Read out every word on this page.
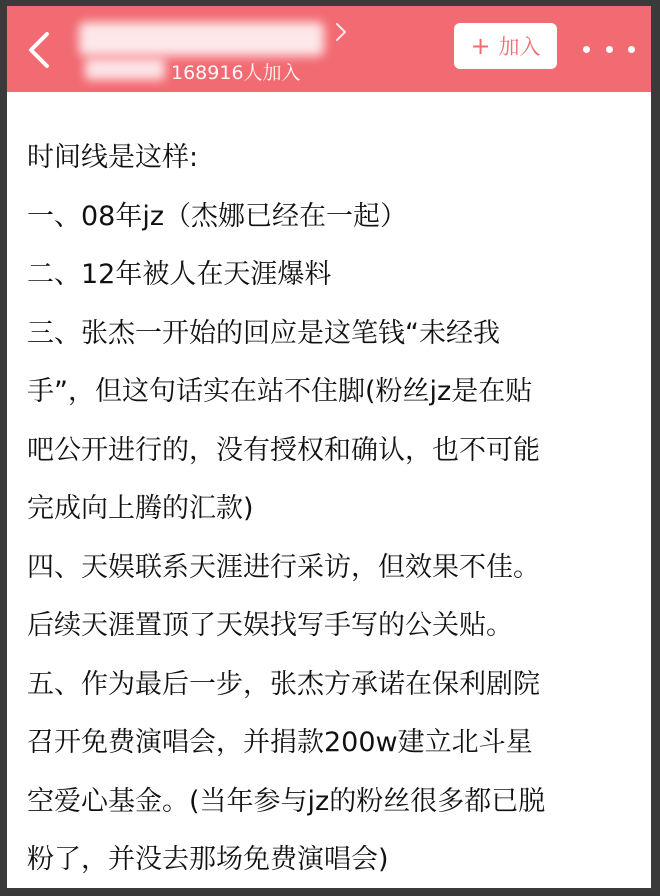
168916人加入
+ 加入
时间线是这样:
一、08年jz（杰娜已经在一起）
二、12年被人在天涯爆料
三、张杰一开始的回应是这笔钱“未经我
手”，但这句话实在站不住脚(粉丝jz是在贴
吧公开进行的，没有授权和确认，也不可能
完成向上腾的汇款)
四、天娱联系天涯进行采访，但效果不佳。
后续天涯置顶了天娱找写手写的公关贴。
五、作为最后一步，张杰方承诺在保利剧院
召开免费演唱会，并捐款200w建立北斗星
空爱心基金。(当年参与jz的粉丝很多都已脱
粉了，并没去那场免费演唱会)
